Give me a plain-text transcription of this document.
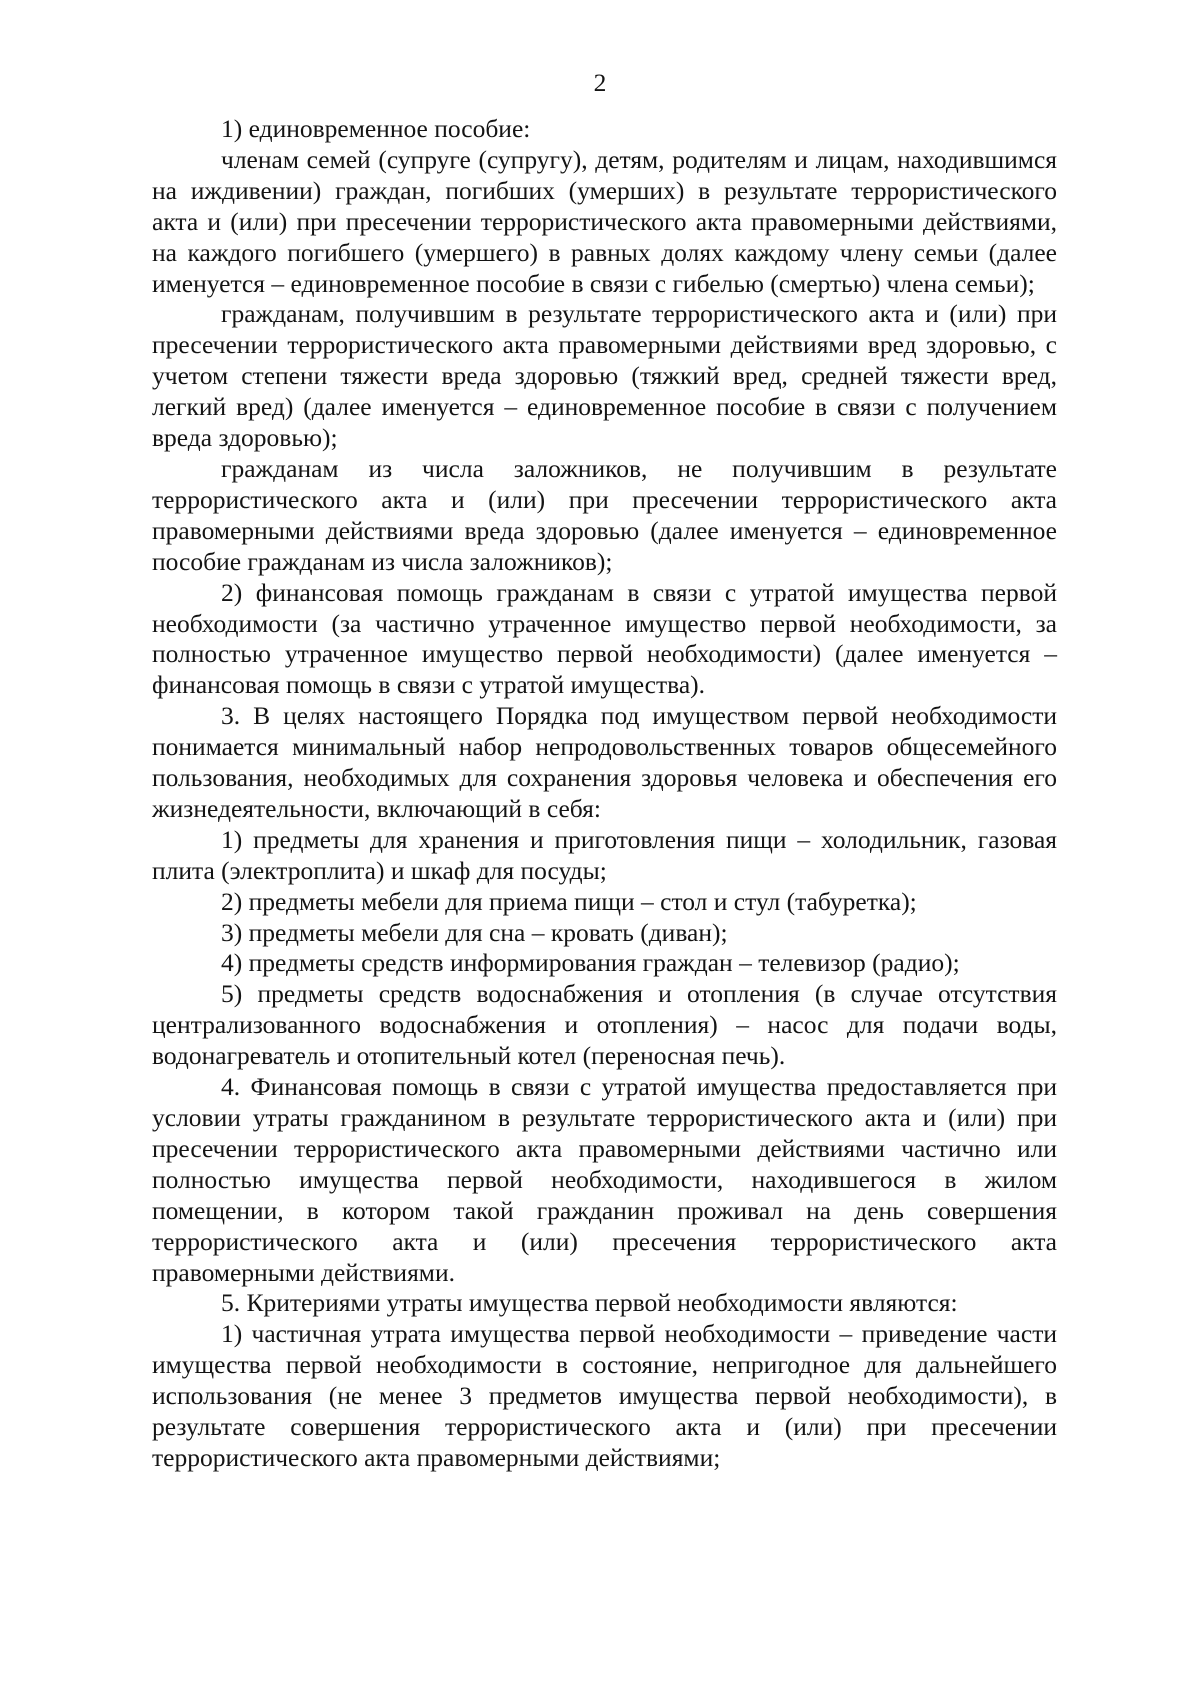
2

1) единовременное пособие:

членам семей (супруге (супругу), детям, родителям и лицам, находившимся на иждивении) граждан, погибших (умерших) в результате террористического акта и (или) при пресечении террористического акта правомерными действиями, на каждого погибшего (умершего) в равных долях каждому члену семьи (далее именуется – единовременное пособие в связи с гибелью (смертью) члена семьи);

гражданам, получившим в результате террористического акта и (или) при пресечении террористического акта правомерными действиями вред здоровью, с учетом степени тяжести вреда здоровью (тяжкий вред, средней тяжести вред, легкий вред) (далее именуется – единовременное пособие в связи с получением вреда здоровью);

гражданам из числа заложников, не получившим в результате террористического акта и (или) при пресечении террористического акта правомерными действиями вреда здоровью (далее именуется – единовременное пособие гражданам из числа заложников);

2) финансовая помощь гражданам в связи с утратой имущества первой необходимости (за частично утраченное имущество первой необходимости, за полностью утраченное имущество первой необходимости) (далее именуется – финансовая помощь в связи с утратой имущества).

3. В целях настоящего Порядка под имуществом первой необходимости понимается минимальный набор непродовольственных товаров общесемейного пользования, необходимых для сохранения здоровья человека и обеспечения его жизнедеятельности, включающий в себя:

1) предметы для хранения и приготовления пищи – холодильник, газовая плита (электроплита) и шкаф для посуды;

2) предметы мебели для приема пищи – стол и стул (табуретка);

3) предметы мебели для сна – кровать (диван);

4) предметы средств информирования граждан – телевизор (радио);

5) предметы средств водоснабжения и отопления (в случае отсутствия централизованного водоснабжения и отопления) – насос для подачи воды, водонагреватель и отопительный котел (переносная печь).

4. Финансовая помощь в связи с утратой имущества предоставляется при условии утраты гражданином в результате террористического акта и (или) при пресечении террористического акта правомерными действиями частично или полностью имущества первой необходимости, находившегося в жилом помещении, в котором такой гражданин проживал на день совершения террористического акта и (или) пресечения террористического акта правомерными действиями.

5. Критериями утраты имущества первой необходимости являются:

1) частичная утрата имущества первой необходимости – приведение части имущества первой необходимости в состояние, непригодное для дальнейшего использования (не менее 3 предметов имущества первой необходимости), в результате совершения террористического акта и (или) при пресечении террористического акта правомерными действиями;
